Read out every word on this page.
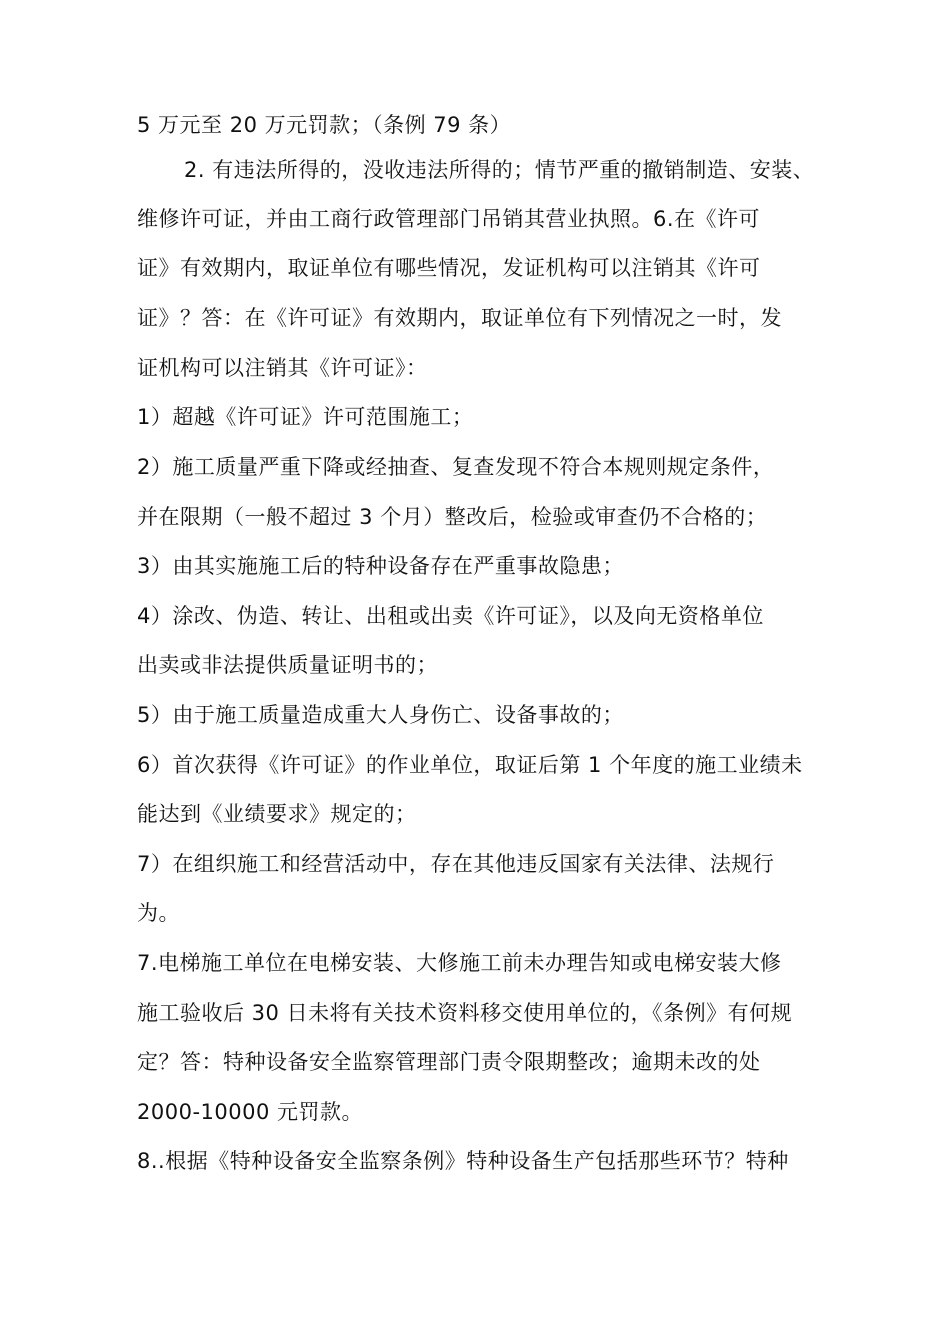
5 万元至 20 万元罚款；（条例 79 条）
2. 有违法所得的，没收违法所得的；情节严重的撤销制造、安装、
维修许可证，并由工商行政管理部门吊销其营业执照。6.在《许可
证》有效期内，取证单位有哪些情况，发证机构可以注销其《许可
证》？答：在《许可证》有效期内，取证单位有下列情况之一时，发
证机构可以注销其《许可证》：
1）超越《许可证》许可范围施工；
2）施工质量严重下降或经抽查、复查发现不符合本规则规定条件，
并在限期（一般不超过 3 个月）整改后，检验或审查仍不合格的；
3）由其实施施工后的特种设备存在严重事故隐患；
4）涂改、伪造、转让、出租或出卖《许可证》，以及向无资格单位
出卖或非法提供质量证明书的；
5）由于施工质量造成重大人身伤亡、设备事故的；
6）首次获得《许可证》的作业单位，取证后第 1 个年度的施工业绩未
能达到《业绩要求》规定的；
7）在组织施工和经营活动中，存在其他违反国家有关法律、法规行
为。
7.电梯施工单位在电梯安装、大修施工前未办理告知或电梯安装大修
施工验收后 30 日未将有关技术资料移交使用单位的，《条例》有何规
定？答：特种设备安全监察管理部门责令限期整改；逾期未改的处
2000-10000 元罚款。
8..根据《特种设备安全监察条例》特种设备生产包括那些环节？特种
